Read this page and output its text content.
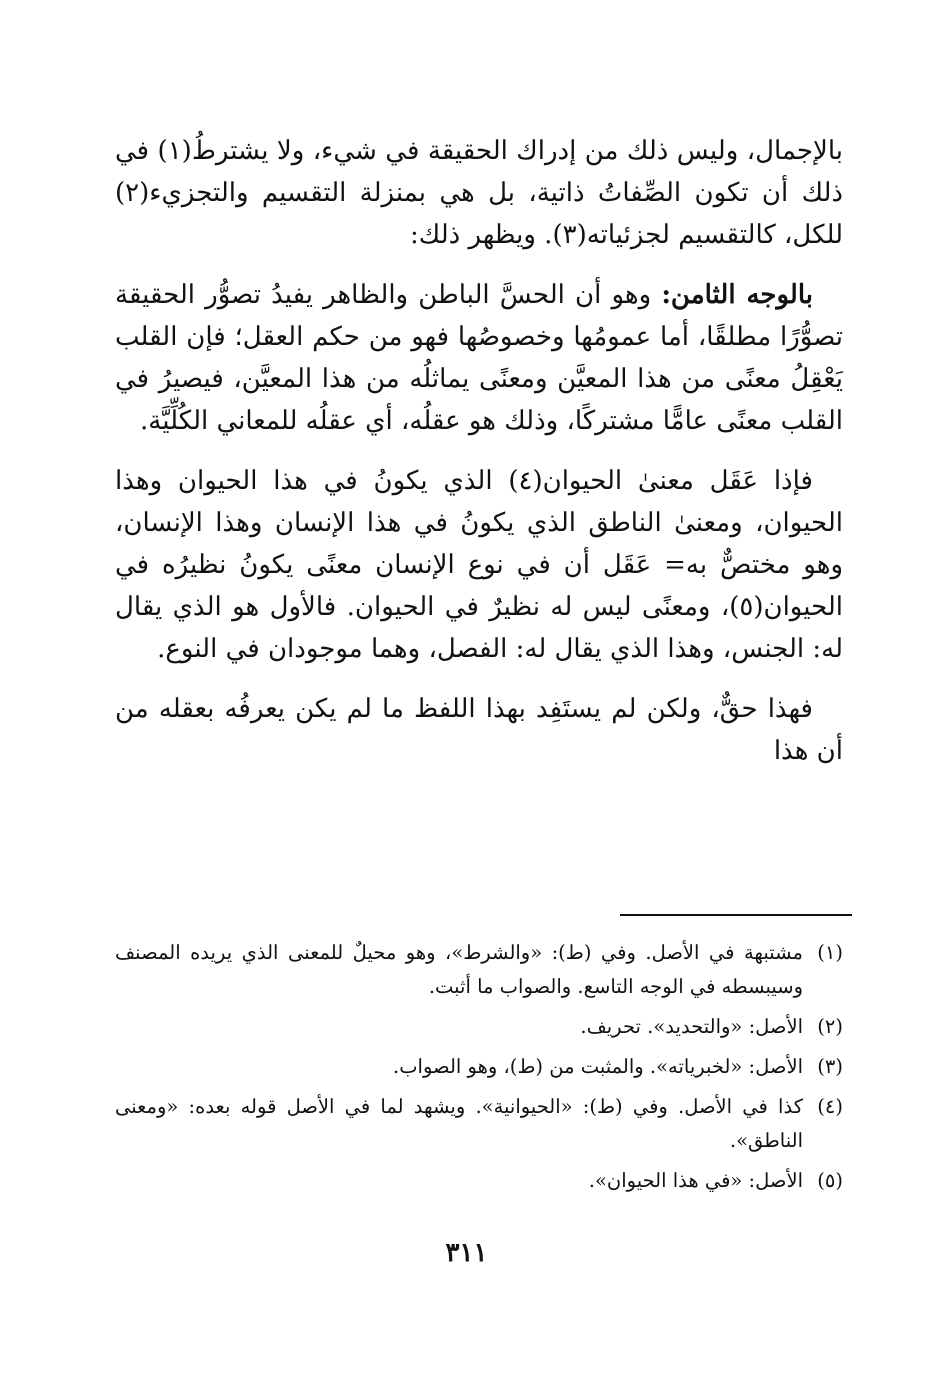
بالإجمال، وليس ذلك من إدراك الحقيقة في شيء، ولا يشترطُ(١) في ذلك أن تكون الصِّفاتُ ذاتية، بل هي بمنزلة التقسيم والتجزيء(٢) للكل، كالتقسيم لجزئياته(٣). ويظهر ذلك:

بالوجه الثامن: وهو أن الحسَّ الباطن والظاهر يفيدُ تصوُّر الحقيقة تصوُّرًا مطلقًا، أما عمومُها وخصوصُها فهو من حكم العقل؛ فإن القلب يَعْقِلُ معنًى من هذا المعيَّن ومعنًى يماثلُه من هذا المعيَّن، فيصيرُ في القلب معنًى عامًّا مشتركًا، وذلك هو عقلُه، أي عقلُه للمعاني الكُلِّيَّة.

فإذا عَقَل معنىٰ الحيوان(٤) الذي يكونُ في هذا الحيوان وهذا الحيوان، ومعنىٰ الناطق الذي يكونُ في هذا الإنسان وهذا الإنسان، وهو مختصٌّ به= عَقَل أن في نوع الإنسان معنًى يكونُ نظيرُه في الحيوان(٥)، ومعنًى ليس له نظيرٌ في الحيوان. فالأول هو الذي يقال له: الجنس، وهذا الذي يقال له: الفصل، وهما موجودان في النوع.

فهذا حقٌّ، ولكن لم يستَفِد بهذا اللفظ ما لم يكن يعرفُه بعقله من أن هذا

(١)
مشتبهة في الأصل. وفي (ط): «والشرط»، وهو محيلٌ للمعنى الذي يريده المصنف وسيبسطه في الوجه التاسع. والصواب ما أثبت.
(٢)
الأصل: «والتحديد». تحريف.
(٣)
الأصل: «لخبرياته». والمثبت من (ط)، وهو الصواب.
(٤)
كذا في الأصل. وفي (ط): «الحيوانية». ويشهد لما في الأصل قوله بعده: «ومعنى الناطق».
(٥)
الأصل: «في هذا الحيوان».
٣١١
